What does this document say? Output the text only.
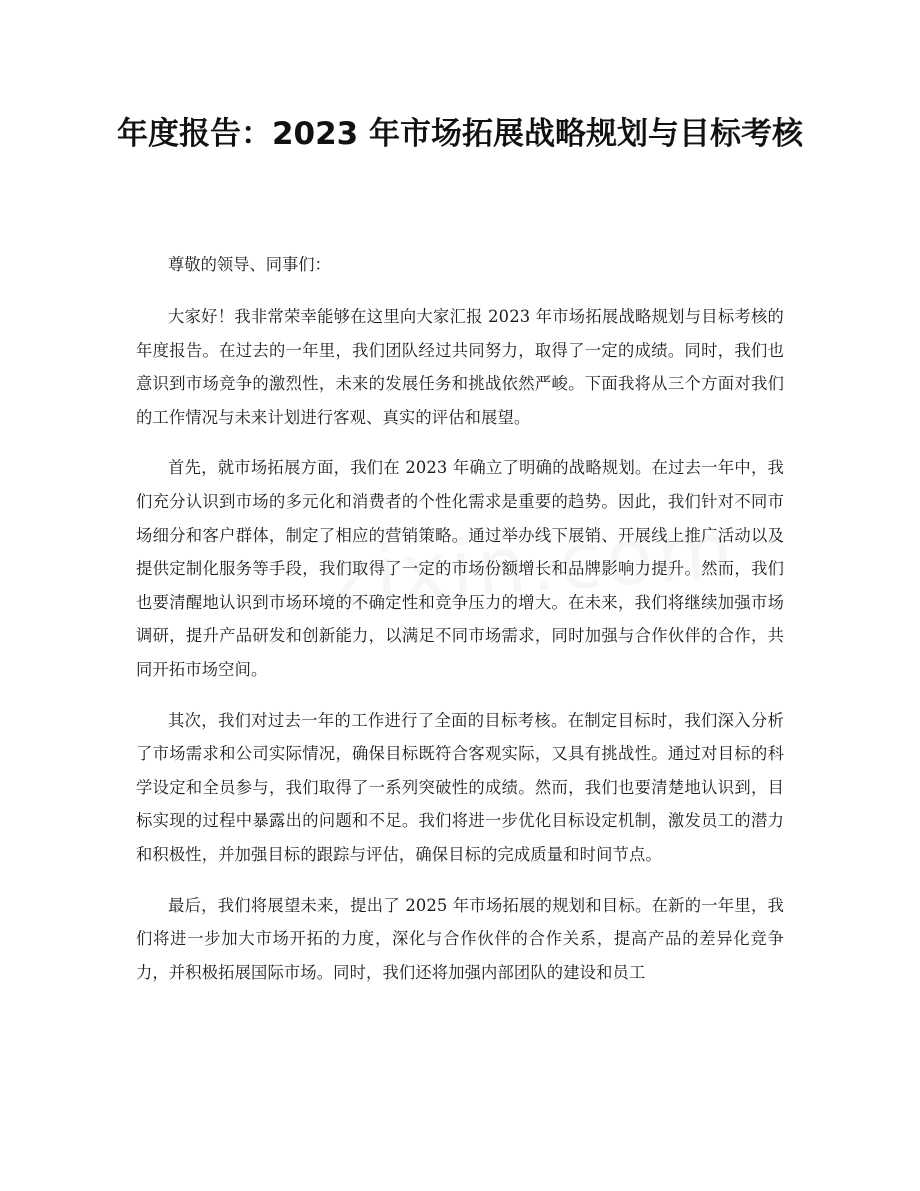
年度报告：2023 年市场拓展战略规划与目标考核

尊敬的领导、同事们：

大家好！我非常荣幸能够在这里向大家汇报 2023 年市场拓展战略规划与目标考核的年度报告。在过去的一年里，我们团队经过共同努力，取得了一定的成绩。同时，我们也意识到市场竞争的激烈性，未来的发展任务和挑战依然严峻。下面我将从三个方面对我们的工作情况与未来计划进行客观、真实的评估和展望。

首先，就市场拓展方面，我们在 2023 年确立了明确的战略规划。在过去一年中，我们充分认识到市场的多元化和消费者的个性化需求是重要的趋势。因此，我们针对不同市场细分和客户群体，制定了相应的营销策略。通过举办线下展销、开展线上推广活动以及提供定制化服务等手段，我们取得了一定的市场份额增长和品牌影响力提升。然而，我们也要清醒地认识到市场环境的不确定性和竞争压力的增大。在未来，我们将继续加强市场调研，提升产品研发和创新能力，以满足不同市场需求，同时加强与合作伙伴的合作，共同开拓市场空间。

其次，我们对过去一年的工作进行了全面的目标考核。在制定目标时，我们深入分析了市场需求和公司实际情况，确保目标既符合客观实际，又具有挑战性。通过对目标的科学设定和全员参与，我们取得了一系列突破性的成绩。然而，我们也要清楚地认识到，目标实现的过程中暴露出的问题和不足。我们将进一步优化目标设定机制，激发员工的潜力和积极性，并加强目标的跟踪与评估，确保目标的完成质量和时间节点。

最后，我们将展望未来，提出了 2025 年市场拓展的规划和目标。在新的一年里，我们将进一步加大市场开拓的力度，深化与合作伙伴的合作关系，提高产品的差异化竞争力，并积极拓展国际市场。同时，我们还将加强内部团队的建设和员工
